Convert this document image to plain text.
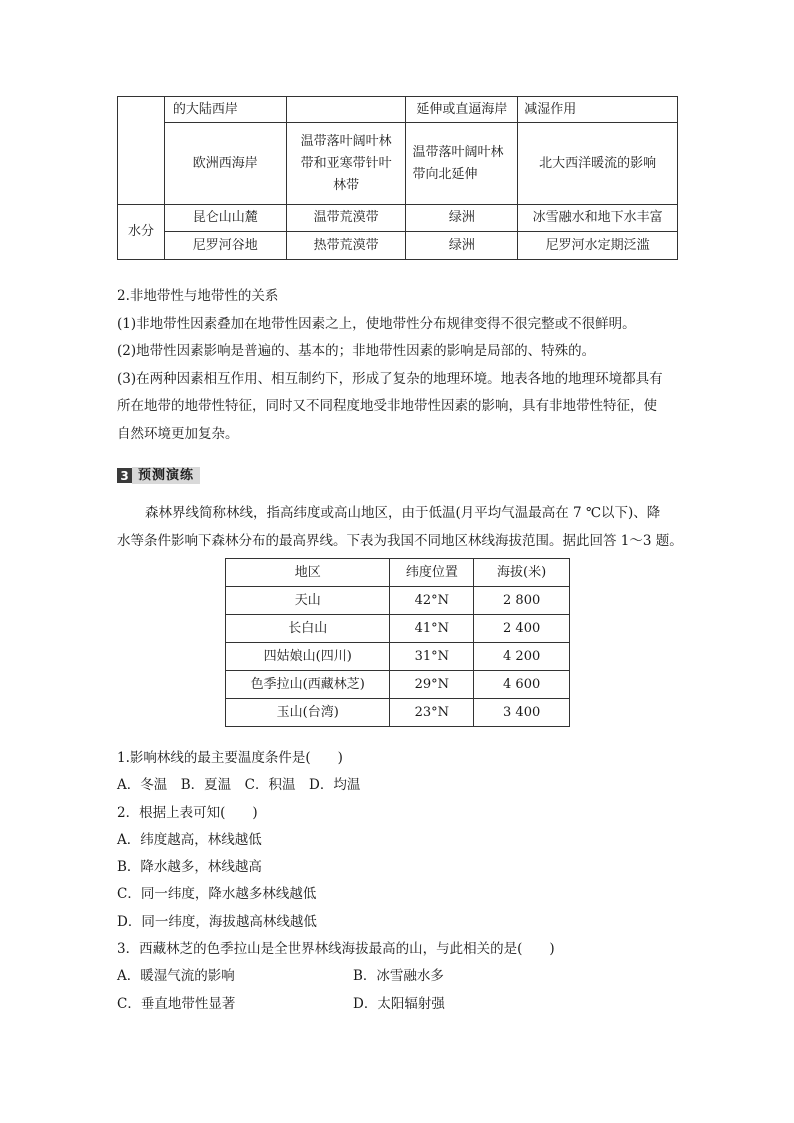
	的大陆西岸		延伸或直逼海岸	减湿作用
	欧洲西海岸	温带落叶阔叶林带和亚寒带针叶林带	温带落叶阔叶林带向北延伸	北大西洋暖流的影响
水分	昆仑山山麓	温带荒漠带	绿洲	冰雪融水和地下水丰富
	尼罗河谷地	热带荒漠带	绿洲	尼罗河水定期泛滥

2.非地带性与地带性的关系

(1)非地带性因素叠加在地带性因素之上，使地带性分布规律变得不很完整或不很鲜明。

(2)地带性因素影响是普遍的、基本的；非地带性因素的影响是局部的、特殊的。

(3)在两种因素相互作用、相互制约下，形成了复杂的地理环境。地表各地的地理环境都具有

所在地带的地带性特征，同时又不同程度地受非地带性因素的影响，具有非地带性特征，使

自然环境更加复杂。

3 预测演练

森林界线简称林线，指高纬度或高山地区，由于低温(月平均气温最高在 7 ℃以下)、降

水等条件影响下森林分布的最高界线。下表为我国不同地区林线海拔范围。据此回答 1～3 题。

地区	纬度位置	海拔(米)
天山	42°N	2 800
长白山	41°N	2 400
四姑娘山(四川)	31°N	4 200
色季拉山(西藏林芝)	29°N	4 600
玉山(台湾)	23°N	3 400

1.影响林线的最主要温度条件是(　　)

A．冬温　B．夏温　C．积温　D．均温

2．根据上表可知(　　)

A．纬度越高，林线越低

B．降水越多，林线越高

C．同一纬度，降水越多林线越低

D．同一纬度，海拔越高林线越低

3．西藏林芝的色季拉山是全世界林线海拔最高的山，与此相关的是(　　)

A．暖湿气流的影响	B．冰雪融水多
C．垂直地带性显著	D．太阳辐射强
